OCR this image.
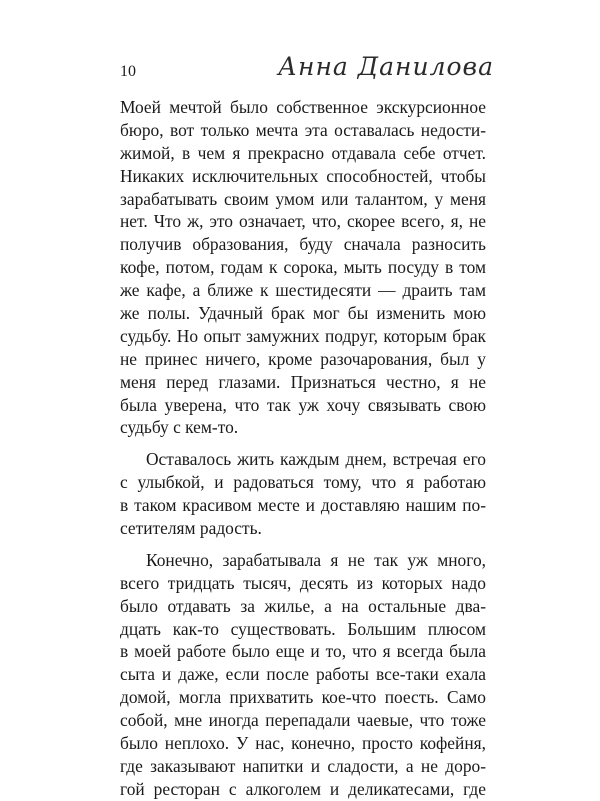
10	Анна Данилова
Моей мечтой было собственное экскурсионное
бюро, вот только мечта эта оставалась недости-
жимой, в чем я прекрасно отдавала себе отчет.
Никаких исключительных способностей, чтобы
зарабатывать своим умом или талантом, у меня
нет. Что ж, это означает, что, скорее всего, я, не
получив образования, буду сначала разносить
кофе, потом, годам к сорока, мыть посуду в том
же кафе, а ближе к шестидесяти — драить там
же полы. Удачный брак мог бы изменить мою
судьбу. Но опыт замужних подруг, которым брак
не принес ничего, кроме разочарования, был у
меня перед глазами. Признаться честно, я не
была уверена, что так уж хочу связывать свою
судьбу с кем-то.
Оставалось жить каждым днем, встречая его
с улыбкой, и радоваться тому, что я работаю
в таком красивом месте и доставляю нашим по-
сетителям радость.
Конечно, зарабатывала я не так уж много,
всего тридцать тысяч, десять из которых надо
было отдавать за жилье, а на остальные два-
дцать как-то существовать. Большим плюсом
в моей работе было еще и то, что я всегда была
сыта и даже, если после работы все-таки ехала
домой, могла прихватить кое-что поесть. Само
собой, мне иногда перепадали чаевые, что тоже
было неплохо. У нас, конечно, просто кофейня,
где заказывают напитки и сладости, а не доро-
гой ресторан с алкоголем и деликатесами, где
